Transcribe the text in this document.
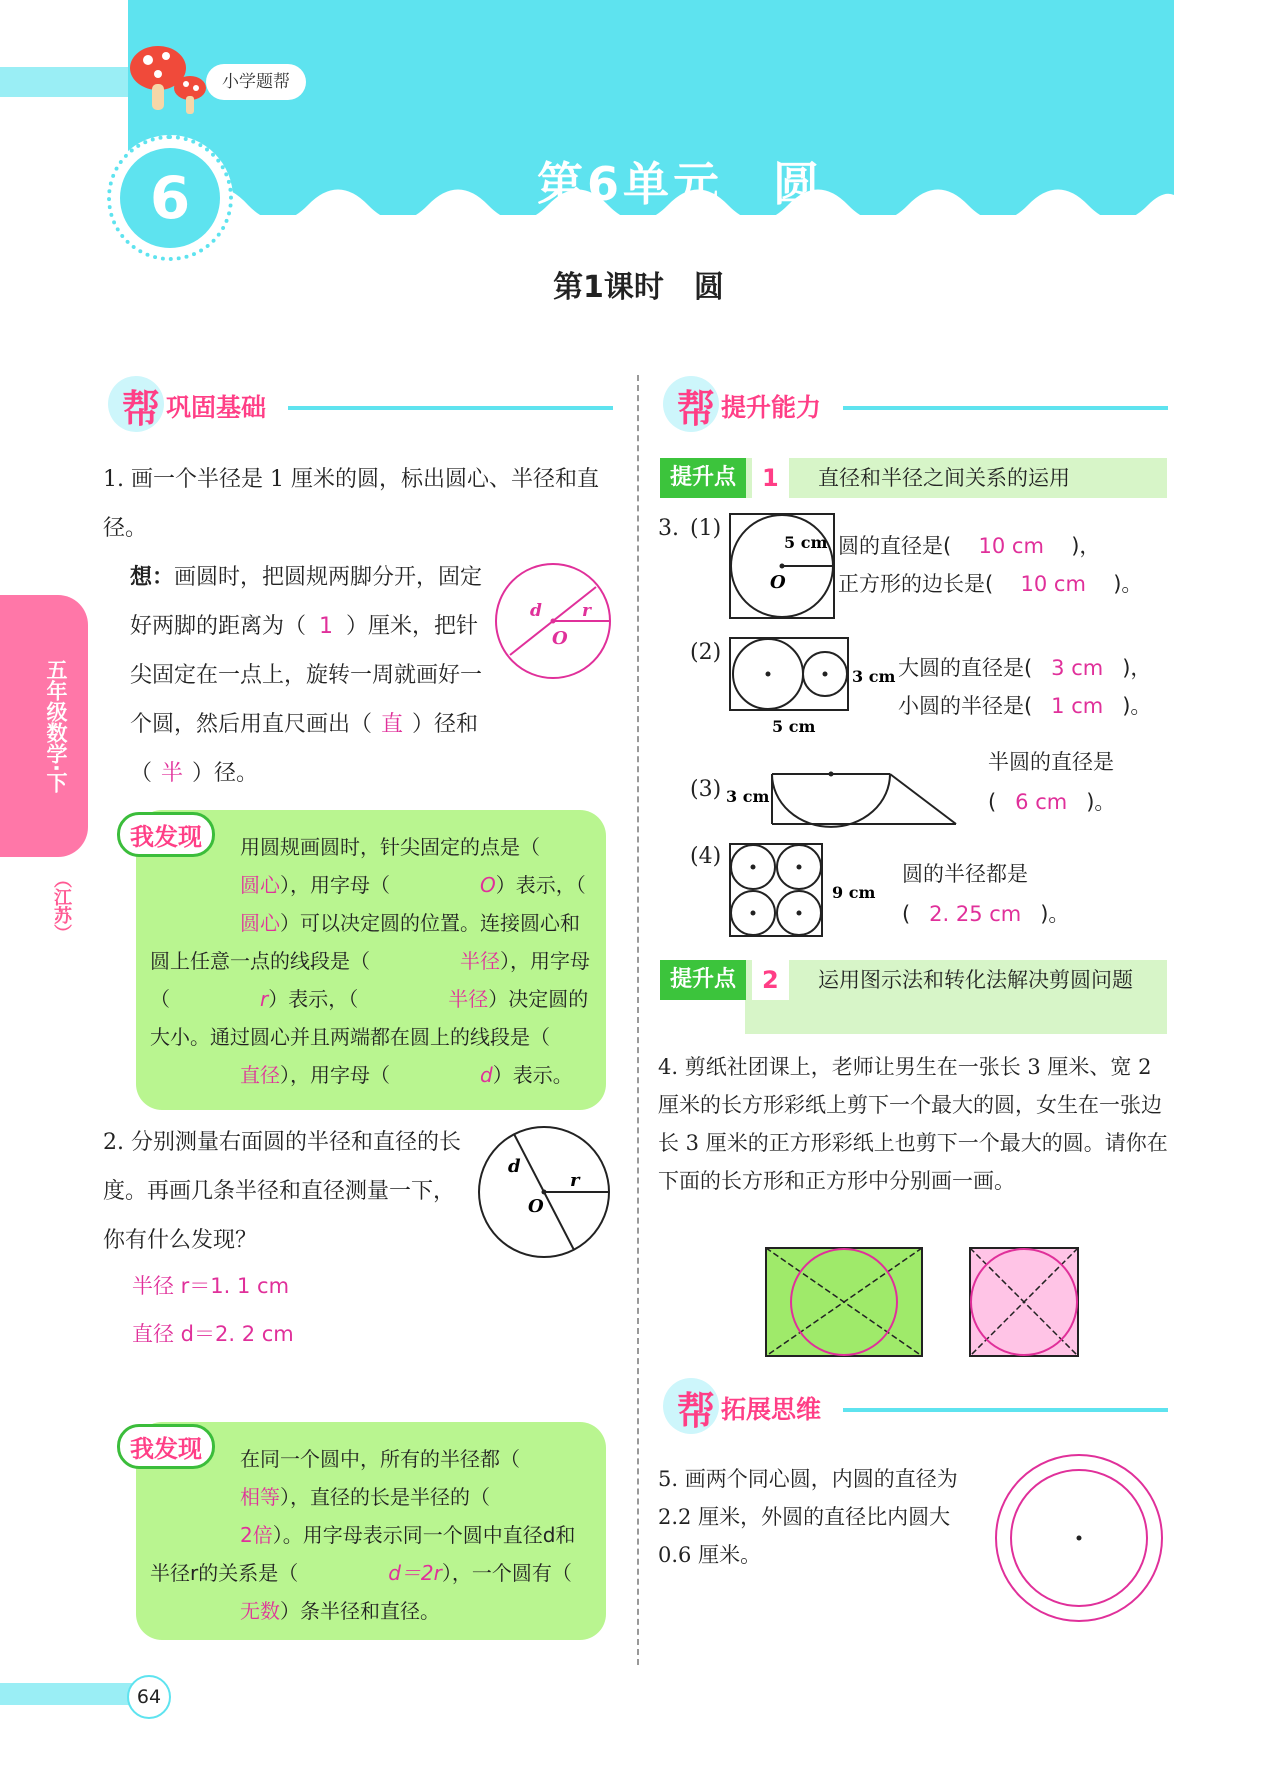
小学题帮
6	第6单元　圆
第1课时　圆
五年级数学·下
（江苏）
帮 巩固基础
1. 画一个半径是 1 厘米的圆，标出圆心、半径和直径。
想：画圆时，把圆规两脚分开，固定好两脚的距离为（ 1 ）厘米，把针尖固定在一点上，旋转一周就画好一个圆，然后用直尺画出（ 直 ）径和（ 半 ）径。
d r
O
我发现	用圆规画圆时，针尖固定的点是（圆心），用字母（	O）表示，（圆心）可以决定圆的位置。连接圆心和圆上任意一点的线段是（	半径），用字母（	r）表示，（	半径）决定圆的大小。通过圆心并且两端都在圆上的线段是（直径），用字母（	d）表示。
2. 分别测量右面圆的半径和直径的长度。再画几条半径和直径测量一下，你有什么发现？
d
r
O
半径 r＝1. 1 cm
直径 d＝2. 2 cm
我发现	在同一个圆中，所有的半径都（相等），直径的长是半径的（2倍）。用字母表示同一个圆中直径d和半径r的关系是（	d＝2r），一个圆有（无数）条半径和直径。
帮 提升能力
提升点	1	直径和半径之间关系的运用
3. (1)
5 cm
O
圆的直径是( 10 cm )，
正方形的边长是( 10 cm )。
(2)
3 cm
5 cm
大圆的直径是( 3 cm )，
小圆的半径是( 1 cm )。
(3) 3 cm
半圆的直径是
( 6 cm )。
(4)
9 cm
圆的半径都是
( 2. 25 cm )。
提升点	2	运用图示法和转化法解决剪圆问题
4. 剪纸社团课上，老师让男生在一张长 3 厘米、宽 2 厘米的长方形彩纸上剪下一个最大的圆，女生在一张边长 3 厘米的正方形彩纸上也剪下一个最大的圆。请你在下面的长方形和正方形中分别画一画。
帮 拓展思维
5. 画两个同心圆，内圆的直径为 2.2 厘米，外圆的直径比内圆大 0.6 厘米。
64
